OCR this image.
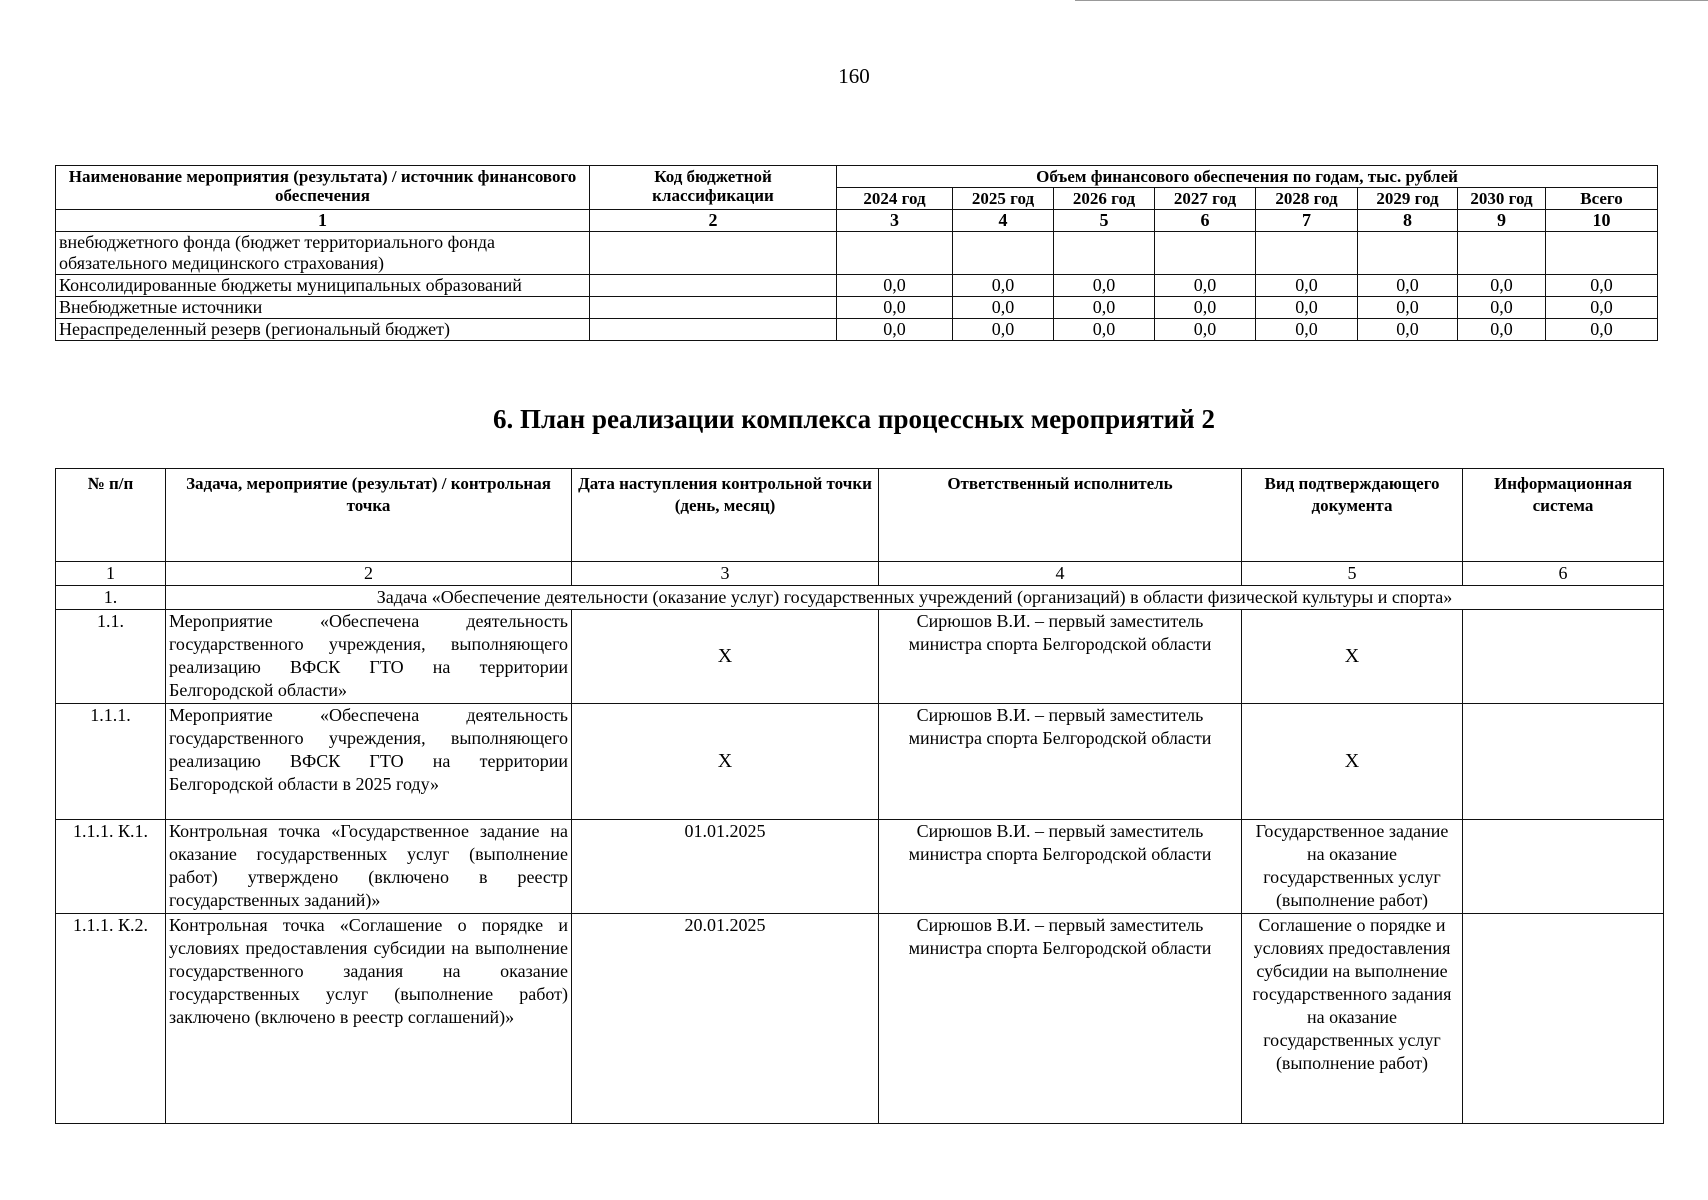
160
Наименование мероприятия (результата) / источник финансового обеспечения	Код бюджетной классификации	Объем финансового обеспечения по годам, тыс. рублей							
		2024 год	2025 год	2026 год	2027 год	2028 год	2029 год	2030 год	Всего
1	2	3	4	5	6	7	8	9	10
внебюджетного фонда (бюджет территориального фонда обязательного медицинского страхования)									
Консолидированные бюджеты муниципальных образований		0,0	0,0	0,0	0,0	0,0	0,0	0,0	0,0
Внебюджетные источники		0,0	0,0	0,0	0,0	0,0	0,0	0,0	0,0
Нераспределенный резерв (региональный бюджет)		0,0	0,0	0,0	0,0	0,0	0,0	0,0	0,0
6. План реализации комплекса процессных мероприятий 2
№ п/п	Задача, мероприятие (результат) / контрольная точка	Дата наступления контрольной точки (день, месяц)	Ответственный исполнитель	Вид подтверждающего документа	Информационная система
1	2	3	4	5	6
1.	Задача «Обеспечение деятельности (оказание услуг) государственных учреждений (организаций) в области физической культуры и спорта»				
1.1.	Мероприятие «Обеспечена деятельность государственного учреждения, выполняющего реализацию ВФСК ГТО на территории Белгородской области»	X	Сирюшов В.И. – первый заместитель министра спорта Белгородской области	X	
1.1.1.	Мероприятие «Обеспечена деятельность государственного учреждения, выполняющего реализацию ВФСК ГТО на территории Белгородской области в 2025 году»	X	Сирюшов В.И. – первый заместитель министра спорта Белгородской области	X	
1.1.1. К.1.	Контрольная точка «Государственное задание на оказание государственных услуг (выполнение работ) утверждено (включено в реестр государственных заданий)»	01.01.2025	Сирюшов В.И. – первый заместитель министра спорта Белгородской области	Государственное задание на оказание государственных услуг (выполнение работ)	
1.1.1. К.2.	Контрольная точка «Соглашение о порядке и условиях предоставления субсидии на выполнение государственного задания на оказание государственных услуг (выполнение работ) заключено (включено в реестр соглашений)»	20.01.2025	Сирюшов В.И. – первый заместитель министра спорта Белгородской области	Соглашение о порядке и условиях предоставления субсидии на выполнение государственного задания на оказание государственных услуг (выполнение работ)	
